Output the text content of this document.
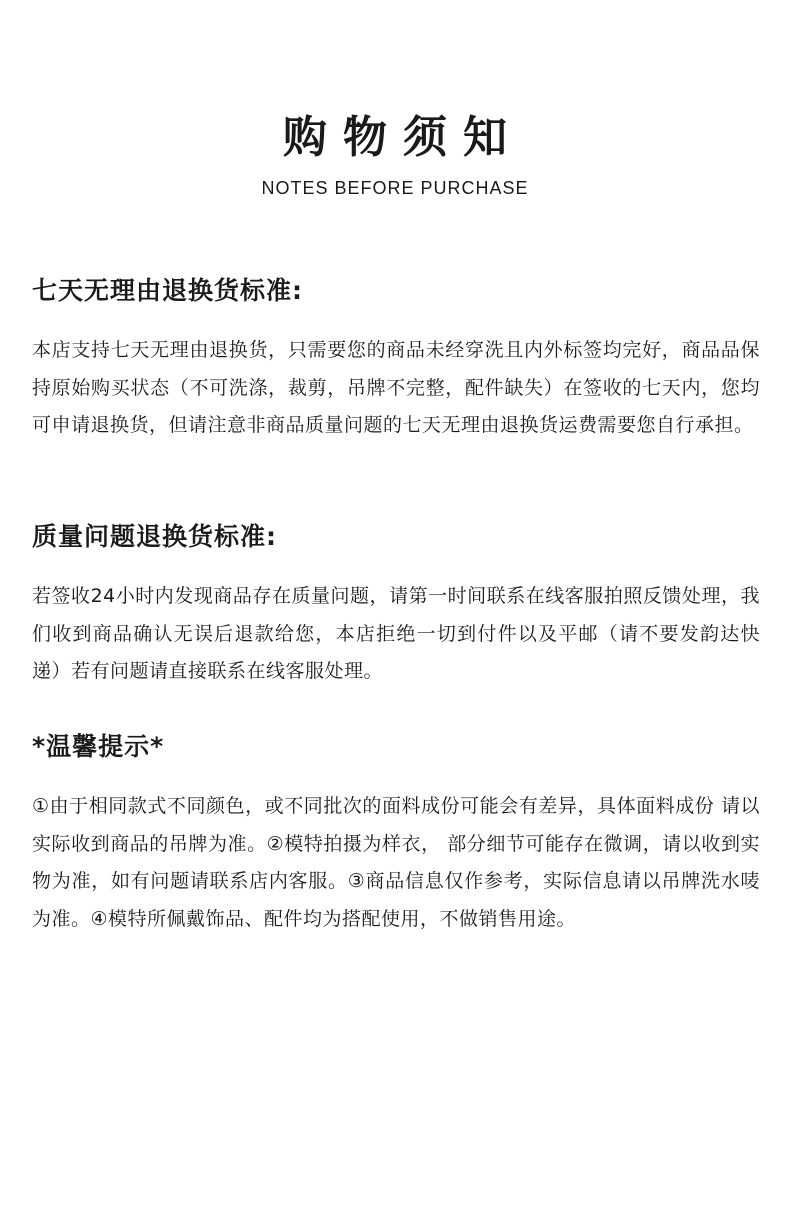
购物须知
NOTES BEFORE PURCHASE
七天无理由退换货标准:

本店支持七天无理由退换货，只需要您的商品未经穿洗且内外标签均完好，商品品保持原始购买状态（不可洗涤，裁剪，吊牌不完整，配件缺失）在签收的七天内，您均可申请退换货，但请注意非商品质量问题的七天无理由退换货运费需要您自行承担。

质量问题退换货标准:

若签收24小时内发现商品存在质量问题，请第一时间联系在线客服拍照反馈处理，我们收到商品确认无误后退款给您，本店拒绝一切到付件以及平邮（请不要发韵达快递）若有问题请直接联系在线客服处理。

*温馨提示*

①由于相同款式不同颜色，或不同批次的面料成份可能会有差异，具体面料成份 请以实际收到商品的吊牌为准。②模特拍摄为样衣， 部分细节可能存在微调，请以收到实物为准，如有问题请联系店内客服。③商品信息仅作参考，实际信息请以吊牌洗水唛为准。④模特所佩戴饰品、配件均为搭配使用，不做销售用途。
